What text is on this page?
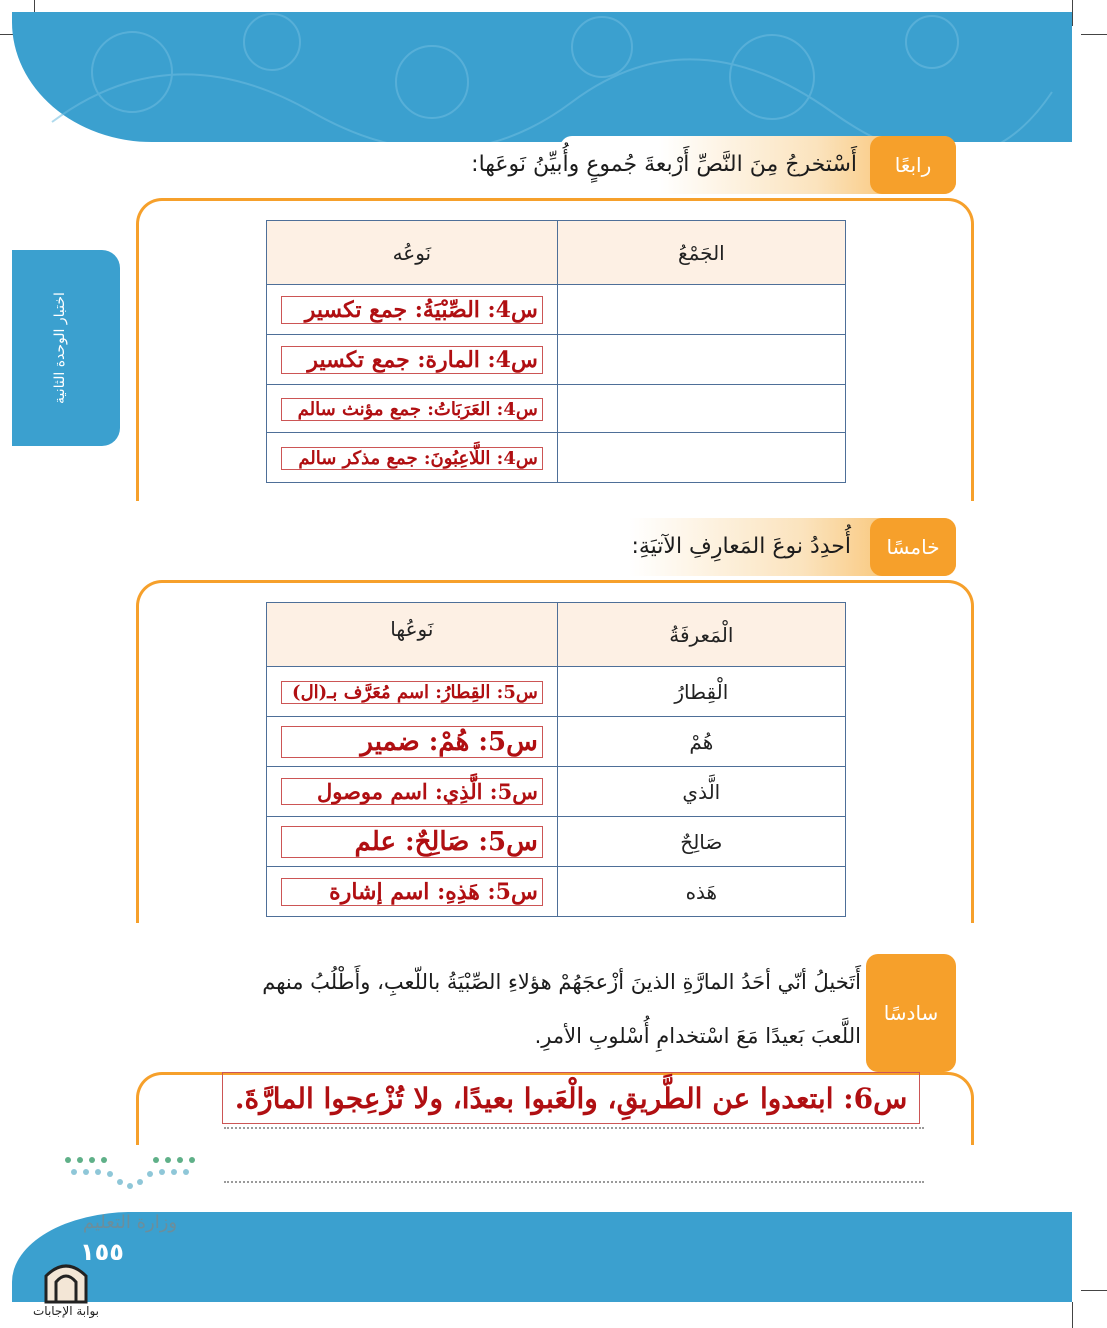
اختبار الوحدة الثانية
رابعًا
أَسْتخرجُ مِنَ النَّصِّ أَرْبعةَ جُموعٍ وأُبيِّنُ نَوعَها:
الجَمْعُ	نَوعُه
	س4: الصِّبْيَةُ: جمع تكسير
	س4: ﺍﻟﻤﺎﺭﺓ: جمع تكسير
	س4: العَرَبَاتُ: جمع مؤنث سالم
	س4: اللَّاعِبُونَ: جمع مذكر سالم
خامسًا
أُحدِدُ نوعَ المَعارِفِ الآتيَةِ:
الْمَعرفَةُ	نَوعُها
الْقِطارُ	س5: القِطارُ: اسم مُعَرَّف بـ(ال)
هُمْ	س5: هُمْ: ضمير
الَّذي	س5: الَّذِي: اسم موصول
صَالِحٌ	س5: صَالِحٌ: علم
هَذه	س5: هَذِهِ: اسم إشارة
سادسًا
أَتَخيلُ أنّي أحَدُ المارَّةِ الذينَ أزْعجَهُمْ هؤلاءِ الصِّبْيَةُ باللّعبِ، وأَطْلُبُ منهم
اللَّعبَ بَعيدًا مَعَ اسْتخدامِ أُسْلوبِ الأمرِ.
س6: ابتعدوا عن الطَّريقِ، والْعَبوا بعيدًا، ولا تُزْعِجوا المارَّةَ.
وزارة التعليم
١٥٥
بوابة الإجابات
